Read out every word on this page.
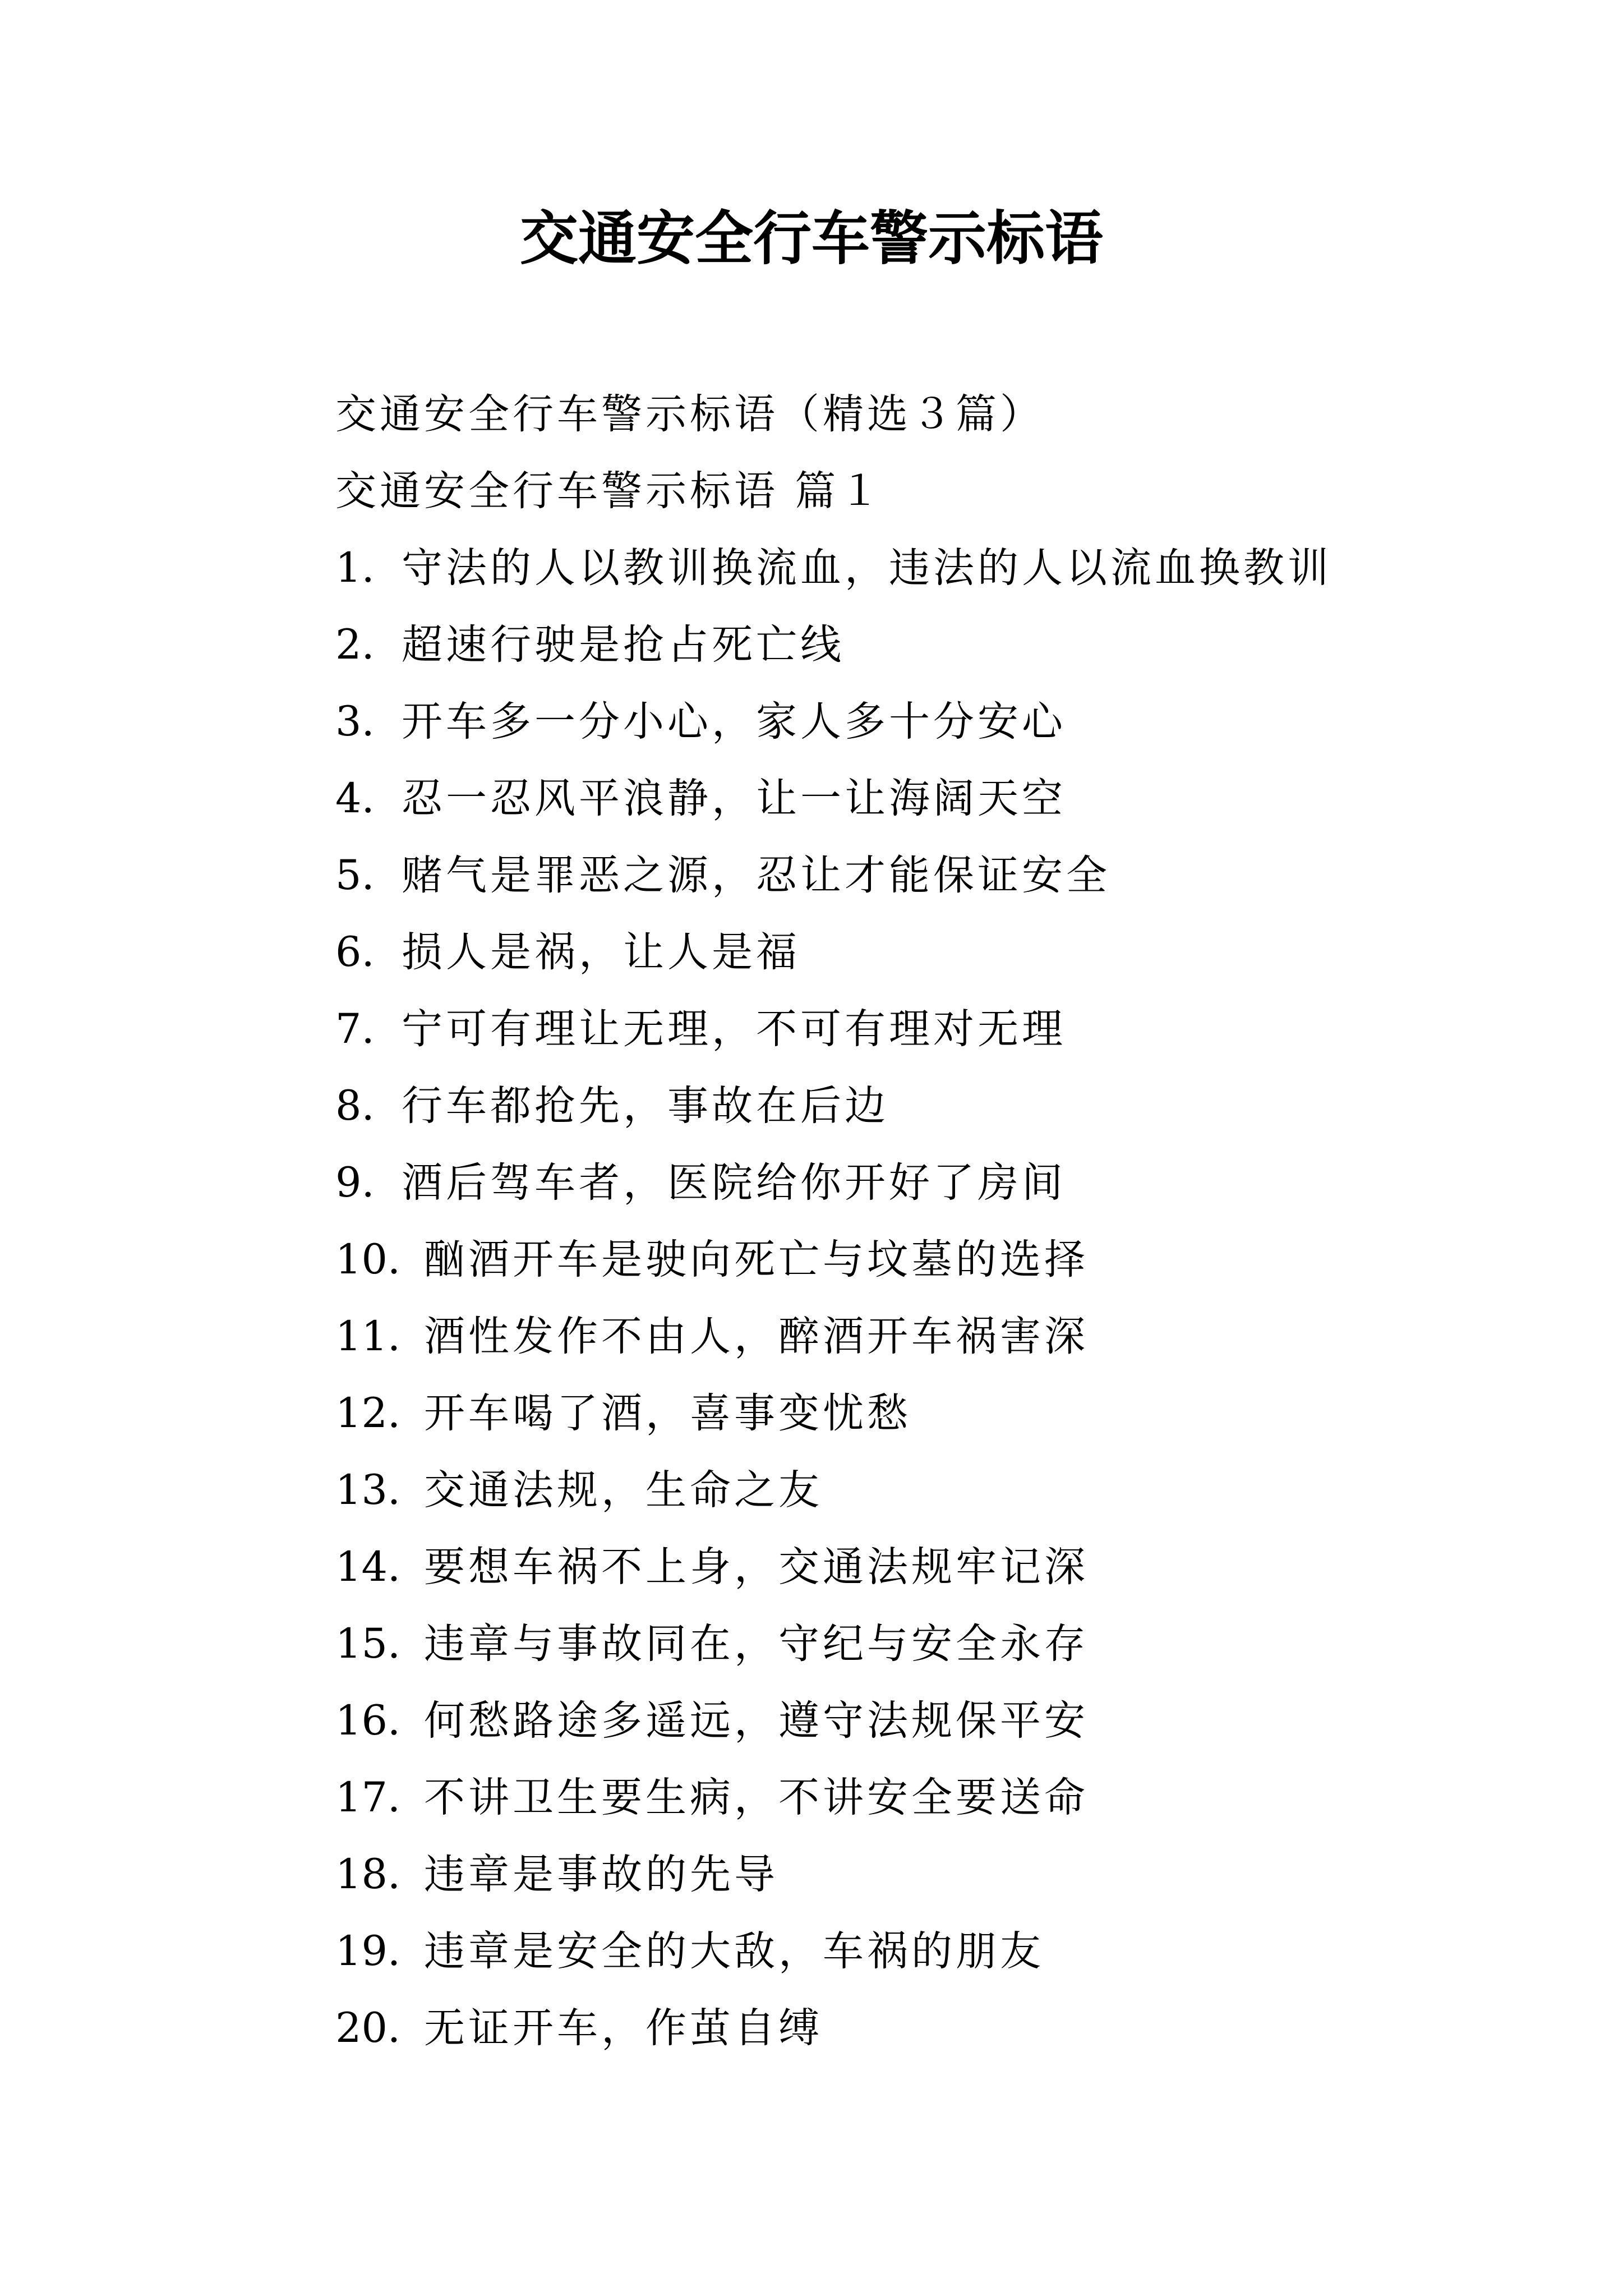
交通安全行车警示标语
交通安全行车警示标语（精选３篇）
交通安全行车警示标语 篇１
1. 守法的人以教训换流血，违法的人以流血换教训
2. 超速行驶是抢占死亡线
3. 开车多一分小心，家人多十分安心
4. 忍一忍风平浪静，让一让海阔天空
5. 赌气是罪恶之源，忍让才能保证安全
6. 损人是祸，让人是福
7. 宁可有理让无理，不可有理对无理
8. 行车都抢先，事故在后边
9. 酒后驾车者，医院给你开好了房间
10. 酗酒开车是驶向死亡与坟墓的选择
11. 酒性发作不由人，醉酒开车祸害深
12. 开车喝了酒，喜事变忧愁
13. 交通法规，生命之友
14. 要想车祸不上身，交通法规牢记深
15. 违章与事故同在，守纪与安全永存
16. 何愁路途多遥远，遵守法规保平安
17. 不讲卫生要生病，不讲安全要送命
18. 违章是事故的先导
19. 违章是安全的大敌，车祸的朋友
20. 无证开车，作茧自缚
